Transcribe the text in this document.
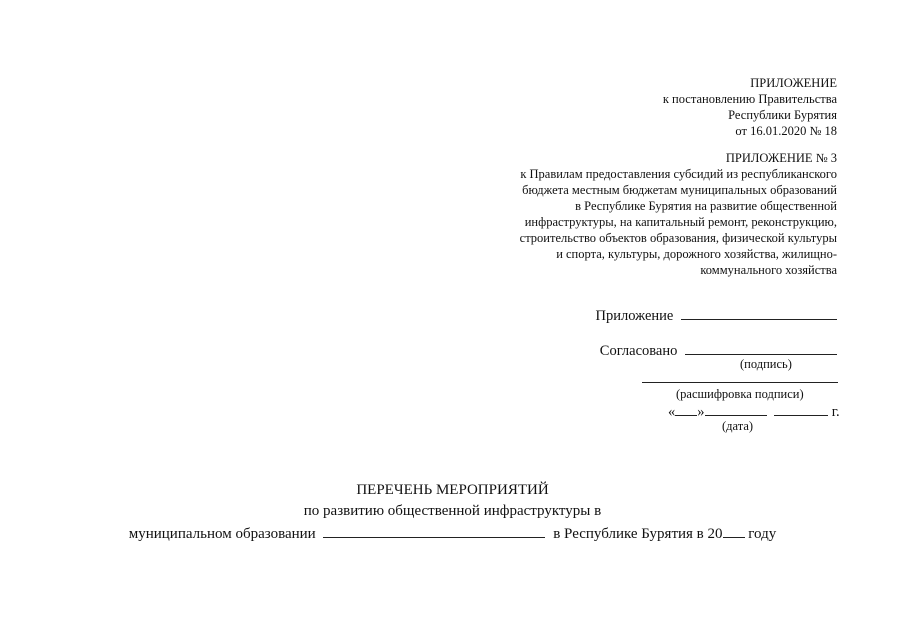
ПРИЛОЖЕНИЕ
к постановлению Правительства
Республики Бурятия
от 16.01.2020 № 18
ПРИЛОЖЕНИЕ № 3
к Правилам предоставления субсидий из республиканского
бюджета местным бюджетам муниципальных образований
в Республике Бурятия на развитие общественной
инфраструктуры, на капитальный ремонт, реконструкцию,
строительство объектов образования, физической культуры
и спорта, культуры, дорожного хозяйства, жилищно-
коммунального хозяйства
Приложение
Согласовано
(подпись)
(расшифровка подписи)
« »	г.
(дата)
ПЕРЕЧЕНЬ МЕРОПРИЯТИЙ
по развитию общественной инфраструктуры в
муниципальном образовании	в Республике Бурятия в 20 году
